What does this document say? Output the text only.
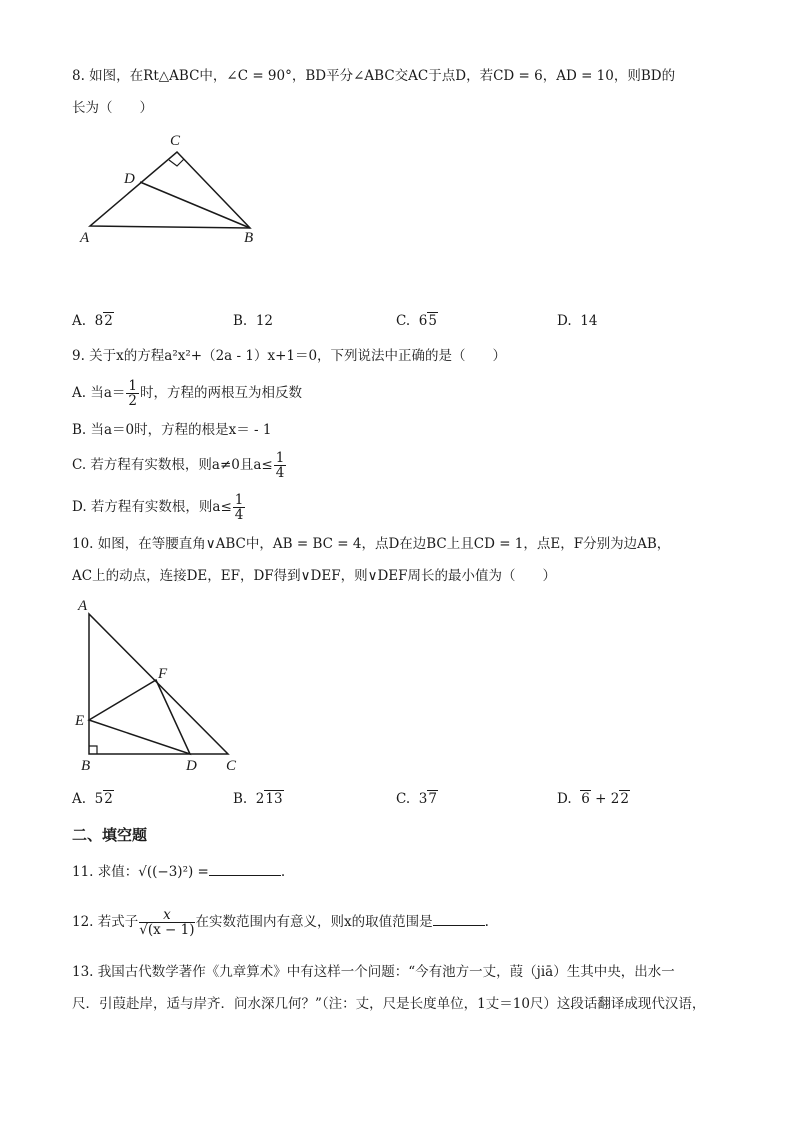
8. 如图，在Rt△ABC中，∠C = 90°，BD平分∠ABC交AC于点D，若CD = 6，AD = 10，则BD的
长为（　　）
C
D
A	B
A.  82	B. 12	C.  65	D. 14
9. 关于x的方程a²x²+（2a - 1）x+1＝0，下列说法中正确的是（　　）
A. 当$a= \frac{1}{2}$ 时，方程的两根互为相反数
B. 当a＝0时，方程的根是x＝ - 1
C. 若方程有实数根，则a≠0且$a\le \frac{1}{4}$
D. 若方程有实数根，则$a\le \frac{1}{4}$
10. 如图，在等腰直角∨ABC中，AB = BC = 4，点D在边BC上且CD = 1，点E，F分别为边AB，
AC上的动点，连接DE，EF，DF得到∨DEF，则∨DEF周长的最小值为（　　）
A
F
E
B	D C
A.  52	B.  213	C.  37	D. 6 + 22
二、填空题
11. 求值：√((−3)²) =	.
12. 若式子 $\frac{x}{√(x - 1)}$ 在实数范围内有意义，则x的取值范围是	.
13. 我国古代数学著作《九章算术》中有这样一个问题：“今有池方一丈，葭（jiā）生其中央，出水一
尺．引葭赴岸，适与岸齐．问水深几何？”（注：丈，尺是长度单位，1丈＝10尺）这段话翻译成现代汉语，
